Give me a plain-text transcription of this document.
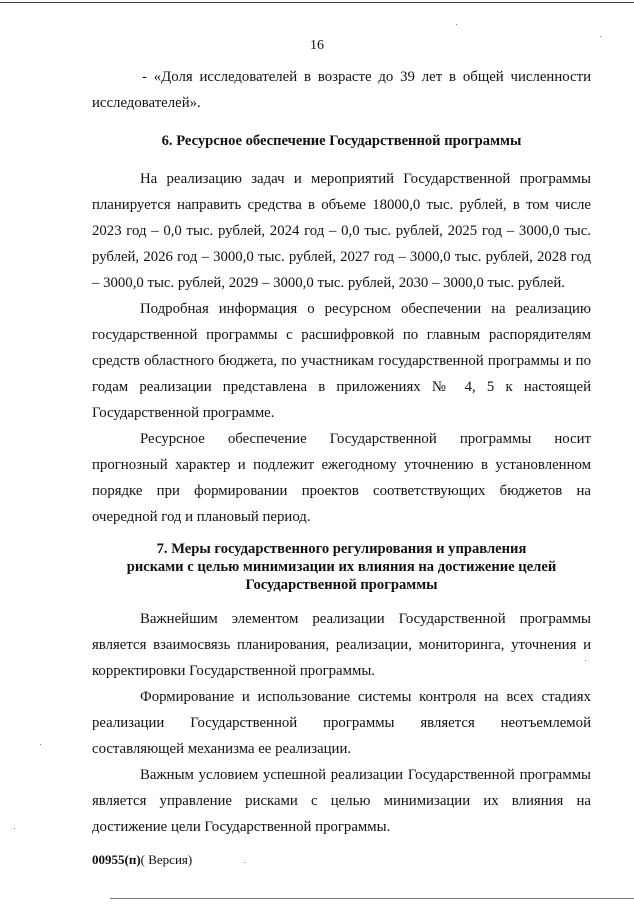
16

- «Доля исследователей в возрасте до 39 лет в общей численности исследователей».

6. Ресурсное обеспечение Государственной программы

На реализацию задач и мероприятий Государственной программы планируется направить средства в объеме 18000,0 тыс. рублей, в том числе 2023 год – 0,0 тыс. рублей, 2024 год – 0,0 тыс. рублей, 2025 год – 3000,0 тыс. рублей, 2026 год – 3000,0 тыс. рублей, 2027 год – 3000,0 тыс. рублей, 2028 год – 3000,0 тыс. рублей, 2029 – 3000,0 тыс. рублей, 2030 – 3000,0 тыс. рублей.

Подробная информация о ресурсном обеспечении на реализацию государственной программы с расшифровкой по главным распорядителям средств областного бюджета, по участникам государственной программы и по годам реализации представлена в приложениях № 4, 5 к настоящей Государственной программе.

Ресурсное обеспечение Государственной программы носит прогнозный характер и подлежит ежегодному уточнению в установленном порядке при формировании проектов соответствующих бюджетов на очередной год и плановый период.

7. Меры государственного регулирования и управления
рисками с целью минимизации их влияния на достижение целей
Государственной программы

Важнейшим элементом реализации Государственной программы является взаимосвязь планирования, реализации, мониторинга, уточнения и корректировки Государственной программы.

Формирование и использование системы контроля на всех стадиях реализации Государственной программы является неотъемлемой составляющей механизма ее реализации.

Важным условием успешной реализации Государственной программы является управление рисками с целью минимизации их влияния на достижение цели Государственной программы.

00955(п)( Версия)
